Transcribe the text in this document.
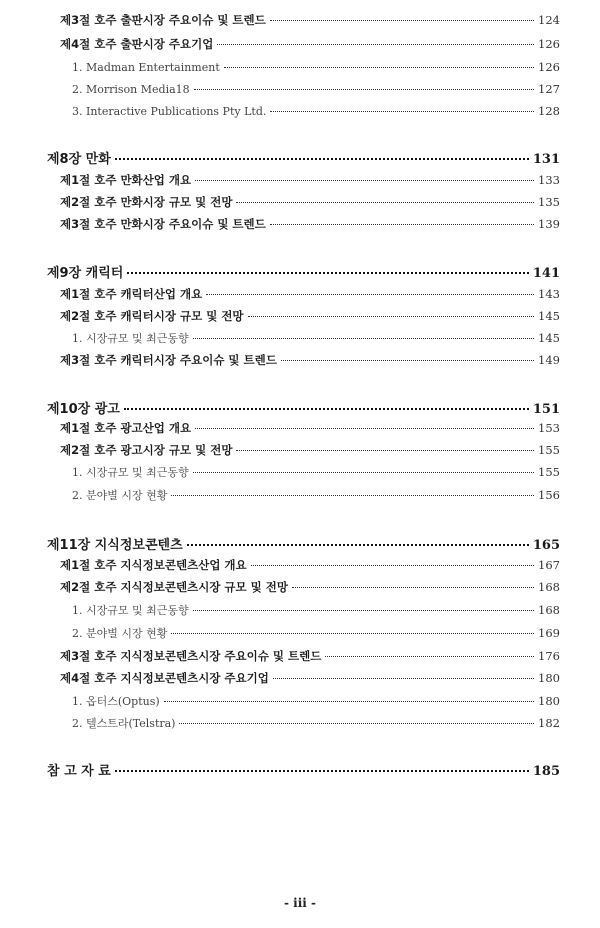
제3절 호주 출판시장 주요이슈 및 트렌드	124
제4절 호주 출판시장 주요기업	126
1. Madman Entertainment	126
2. Morrison Media18	127
3. Interactive Publications Pty Ltd.	128
제8장 만화	131
제1절 호주 만화산업 개요	133
제2절 호주 만화시장 규모 및 전망	135
제3절 호주 만화시장 주요이슈 및 트렌드	139
제9장 캐릭터	141
제1절 호주 캐릭터산업 개요	143
제2절 호주 캐릭터시장 규모 및 전망	145
1. 시장규모 및 최근동향	145
제3절 호주 캐릭터시장 주요이슈 및 트렌드	149
제10장 광고	151
제1절 호주 광고산업 개요	153
제2절 호주 광고시장 규모 및 전망	155
1. 시장규모 및 최근동향	155
2. 분야별 시장 현황	156
제11장 지식정보콘텐츠	165
제1절 호주 지식정보콘텐츠산업 개요	167
제2절 호주 지식정보콘텐츠시장 규모 및 전망	168
1. 시장규모 및 최근동향	168
2. 분야별 시장 현황	169
제3절 호주 지식정보콘텐츠시장 주요이슈 및 트렌드	176
제4절 호주 지식정보콘텐츠시장 주요기업	180
1. 옵터스(Optus)	180
2. 텔스트라(Telstra)	182
참 고 자 료	185
- iii -
